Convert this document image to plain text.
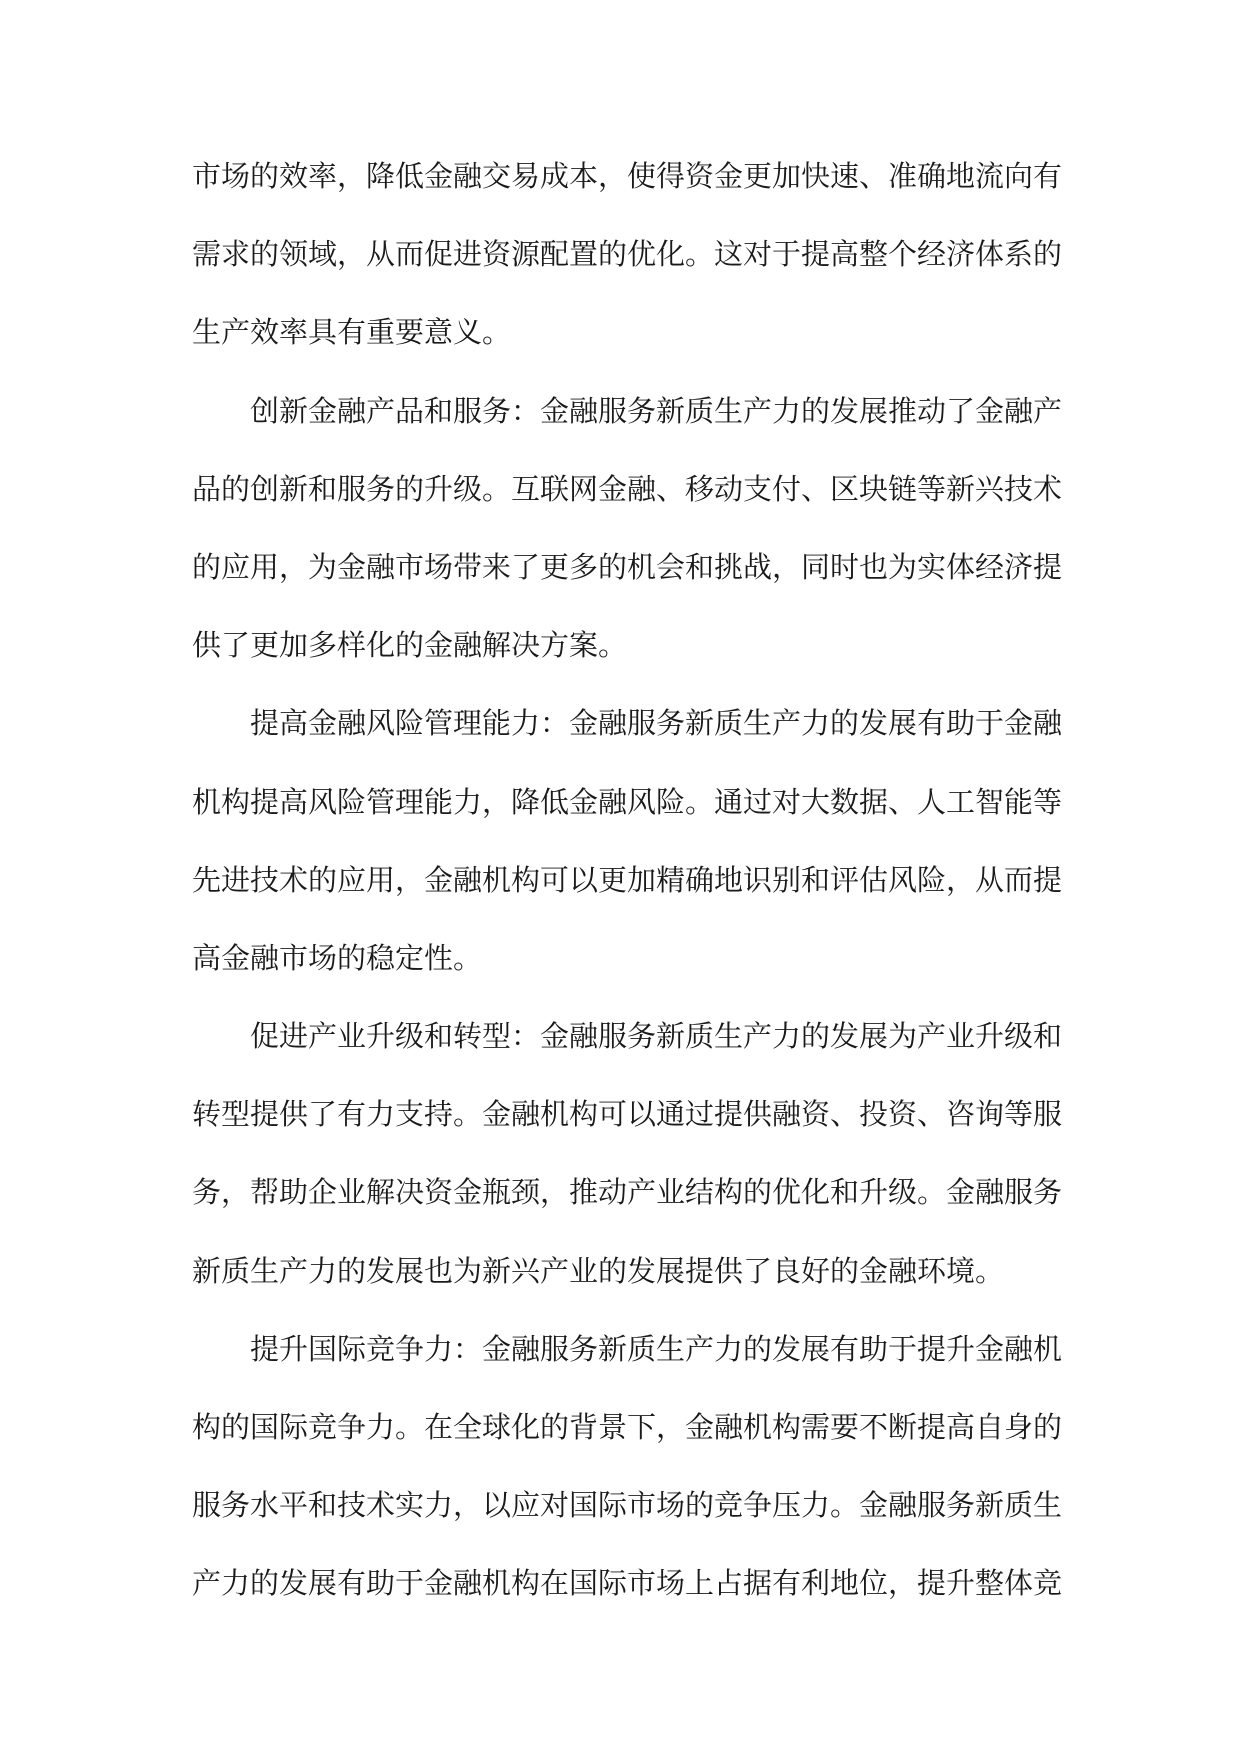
市场的效率，降低金融交易成本，使得资金更加快速、准确地流向有
需求的领域，从而促进资源配置的优化。这对于提高整个经济体系的
生产效率具有重要意义。
创新金融产品和服务：金融服务新质生产力的发展推动了金融产
品的创新和服务的升级。互联网金融、移动支付、区块链等新兴技术
的应用，为金融市场带来了更多的机会和挑战，同时也为实体经济提
供了更加多样化的金融解决方案。
提高金融风险管理能力：金融服务新质生产力的发展有助于金融
机构提高风险管理能力，降低金融风险。通过对大数据、人工智能等
先进技术的应用，金融机构可以更加精确地识别和评估风险，从而提
高金融市场的稳定性。
促进产业升级和转型：金融服务新质生产力的发展为产业升级和
转型提供了有力支持。金融机构可以通过提供融资、投资、咨询等服
务，帮助企业解决资金瓶颈，推动产业结构的优化和升级。金融服务
新质生产力的发展也为新兴产业的发展提供了良好的金融环境。
提升国际竞争力：金融服务新质生产力的发展有助于提升金融机
构的国际竞争力。在全球化的背景下，金融机构需要不断提高自身的
服务水平和技术实力，以应对国际市场的竞争压力。金融服务新质生
产力的发展有助于金融机构在国际市场上占据有利地位，提升整体竞
